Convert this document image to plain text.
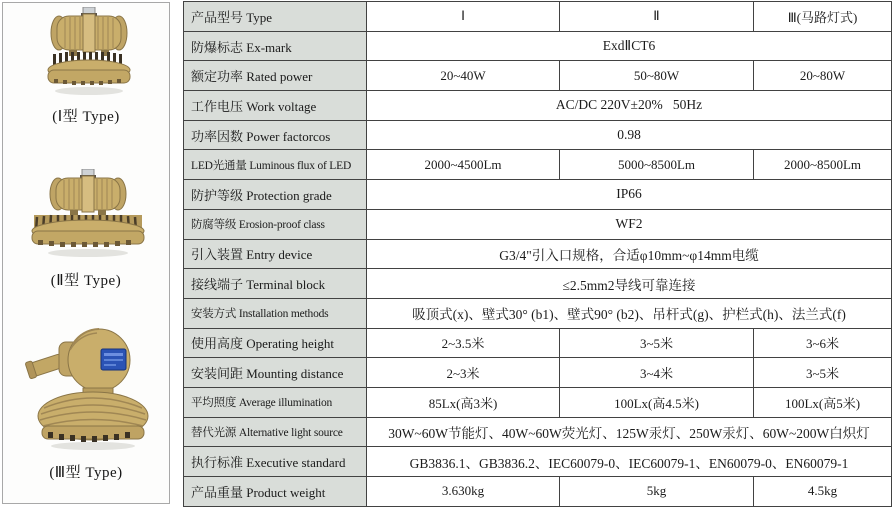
(Ⅰ型 Type)
(Ⅱ型 Type)
(Ⅲ型 Type)
产品型号 Type	Ⅰ	Ⅱ	Ⅲ(马路灯式)
防爆标志 Ex-mark	ExdⅡCT6		
额定功率 Rated power	20~40W	50~80W	20~80W
工作电压 Work voltage	AC/DC 220V±20%   50Hz		
功率因数 Power factorcos	0.98		
LED光通量 Luminous flux of LED	2000~4500Lm	5000~8500Lm	2000~8500Lm
防护等级 Protection grade	IP66		
防腐等级 Erosion-proof class	WF2		
引入装置 Entry device	G3/4"引入口规格，合适φ10mm~φ14mm电缆		
接线端子 Terminal block	≤2.5mm2导线可靠连接		
安装方式 Installation methods	吸顶式(x)、壁式30° (b1)、壁式90° (b2)、吊杆式(g)、护栏式(h)、法兰式(f)		
使用高度 Operating height	2~3.5米	3~5米	3~6米
安装间距 Mounting distance	2~3米	3~4米	3~5米
平均照度 Average illumination	85Lx(高3米)	100Lx(高4.5米)	100Lx(高5米)
替代光源 Alternative light source	30W~60W节能灯、40W~60W荧光灯、125W汞灯、250W汞灯、60W~200W白炽灯		
执行标准 Executive standard	GB3836.1、GB3836.2、IEC60079-0、IEC60079-1、EN60079-0、EN60079-1		
产品重量 Product weight	3.630kg	5kg	4.5kg
